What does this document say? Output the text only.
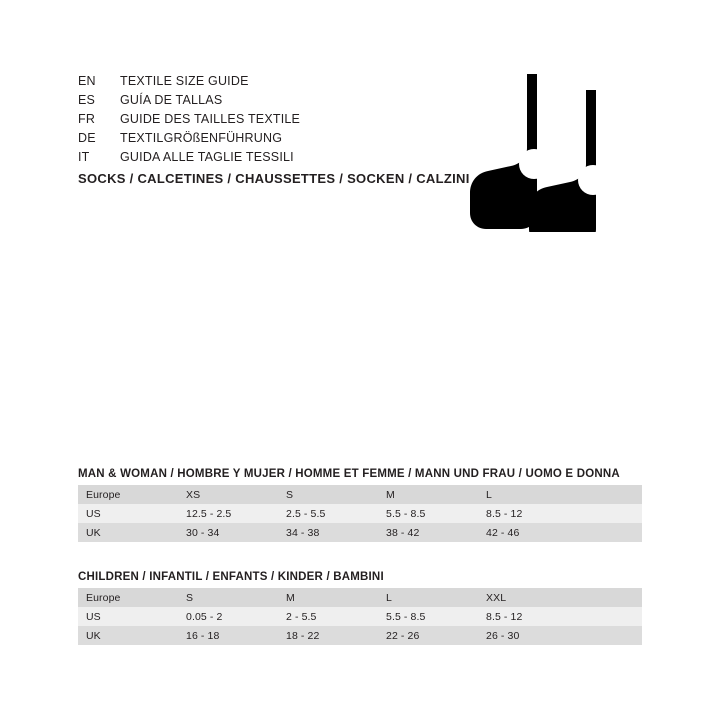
EN	TEXTILE SIZE GUIDE
ES	GUÍA DE TALLAS
FR	GUIDE DES TAILLES TEXTILE
DE	TEXTILGRÖßENFÜHRUNG
IT	GUIDA ALLE TAGLIE TESSILI
SOCKS / CALCETINES / CHAUSSETTES / SOCKEN / CALZINI
MAN & WOMAN / HOMBRE Y MUJER / HOMME ET FEMME / MANN UND FRAU / UOMO E DONNA
Europe	XS	S	M	L
US	12.5 - 2.5	2.5 - 5.5	5.5 - 8.5	8.5 - 12
UK	30 - 34	34 - 38	38 - 42	42 - 46
CHILDREN / INFANTIL / ENFANTS / KINDER / BAMBINI
Europe	S	M	L	XXL
US	0.05 - 2	2 - 5.5	5.5 - 8.5	8.5 - 12
UK	16 - 18	18 - 22	22 - 26	26 - 30
